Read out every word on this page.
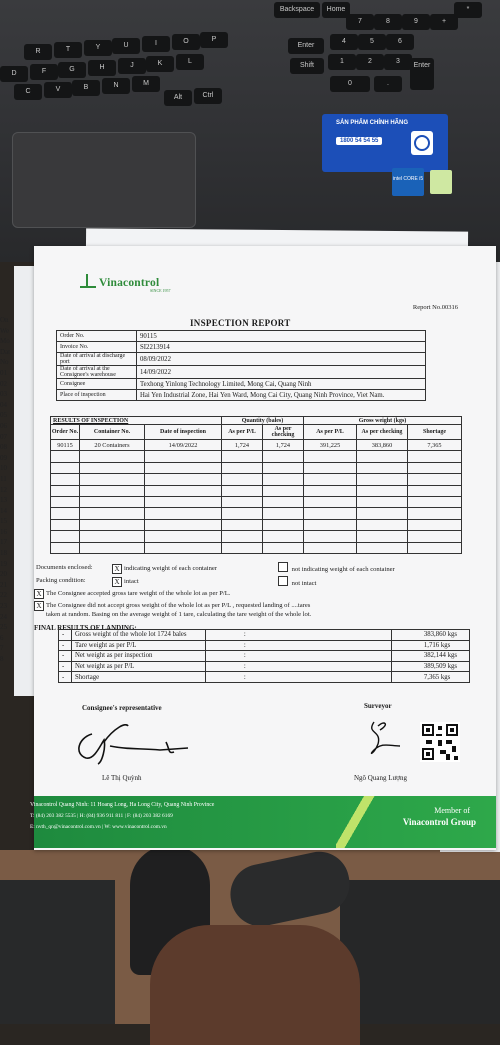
Backspace	Home
7	8	9	+
*
4	5	6
Enter
1	2	3
0	.
Shift	Enter
Alt	Ctrl
D	F	G	H	J	K	L
C	V	B	N	M
R	T	Y	U	I	O	P
SẢN PHẨM CHÍNH HÃNG
1800 54 54 55
intel CORE i5
On
We
Mo
Dat
No
01
02
03
04
05
06
07
08
09
10
11
12
13
14
15
16
17
18
19
20
21
22
23
24
25
6
7
8
Vinacontrol
SINCE 1957
Report No.00316
INSPECTION REPORT
Order No.	90115
Invoice No.	SI2213914
Date of arrival at discharge port	08/09/2022
Date of arrival at the Consignee's warehouse	14/09/2022
Consignee	Texhong Yinlong Technology Limited, Mong Cai, Quang Ninh
Place of inspection	Hai Yen Industrial Zone, Hai Yen Ward, Mong Cai City, Quang Ninh Province, Viet Nam.
RESULTS OF INSPECTION			Quantity (bales)		Gross weight (kgs)		
Order No.	Container No.	Date of inspection	As per P/L	As per checking	As per P/L	As per checking	Shortage
90115	20 Containers	14/09/2022	1,724	1,724	391,225	383,860	7,365

Documents enclosed:	X indicating weight of each container	not indicating weight of each container
Packing condition:	X intact	not intact
X The Consignee accepted gross tare weight of the whole lot as per P/L.
X The Consignee did not accept gross weight of the whole lot as per P/L , requested landing of ....tares
taken at random. Basing on the average weight of 1 tare, calculating the tare weight of the whole lot.
FINAL RESULTS OF LANDING:
-	Gross weight of the whole lot 1724 bales	:	383,860 kgs
-	Tare weight as per P/L	:	1,716 kgs
-	Net weight as per inspection	:	382,144 kgs
-	Net weight as per P/L	:	389,509 kgs
-	Shortage	:	7,365 kgs
Consignee's representative	Surveyor
Lê Thị Quỳnh	Ngô Quang Lượng
Vinacontrol Quang Ninh: 11 Hoang Long, Ha Long City, Quang Ninh Province
T: (84) 203 382 5535 | H: (84) 936 911 811 | F: (84) 203 382 6169
E: nvth_qn@vinacontrol.com.vn | W: www.vinacontrol.com.vn
Member of
Vinacontrol Group
